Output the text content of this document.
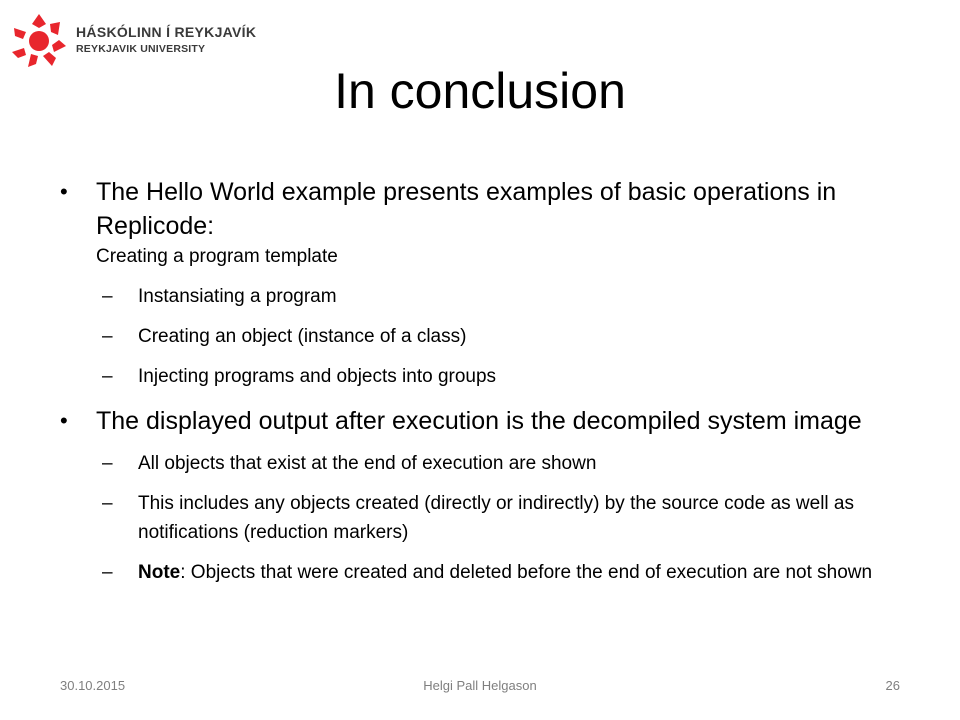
HÁSKÓLINN Í REYKJAVÍK
REYKJAVIK UNIVERSITY
In conclusion
• The Hello World example presents examples of basic operations in Replicode:
Creating a program template
– Instansiating a program
– Creating an object (instance of a class)
– Injecting programs and objects into groups
• The displayed output after execution is the decompiled system image
– All objects that exist at the end of execution are shown
– This includes any objects created (directly or indirectly) by the source code as well as notifications (reduction markers)
– Note: Objects that were created and deleted before the end of execution are not shown
30.10.2015	Helgi Pall Helgason	26
